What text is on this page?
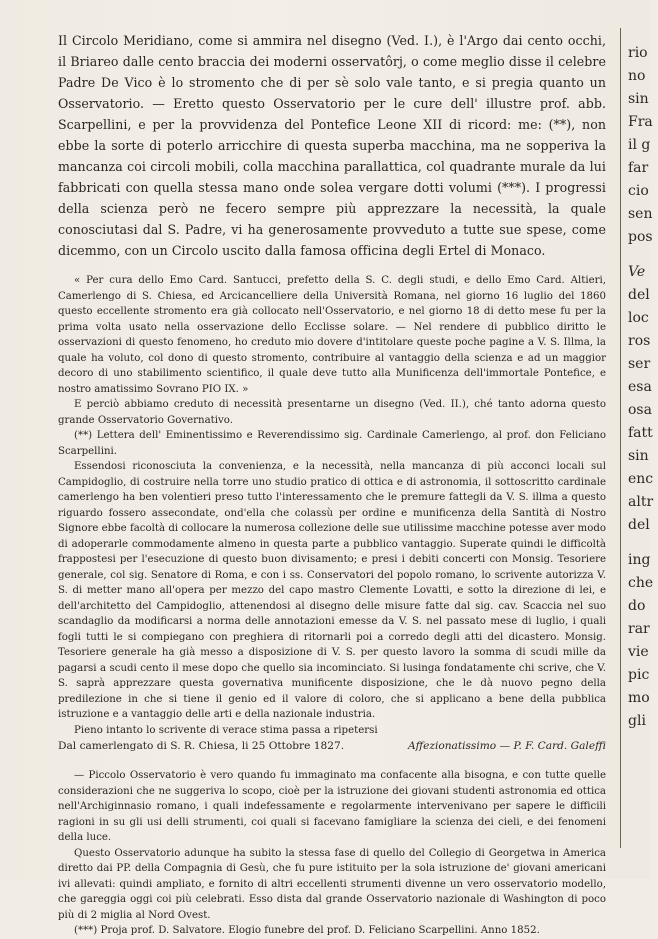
Il Circolo Meridiano, come si ammira nel disegno (Ved. I.), è l'Argo dai cento occhi, il Briareo dalle cento braccia dei moderni osservatôrj, o come meglio disse il celebre Padre De Vico è lo stromento che di per sè solo vale tanto, e si pregia quanto un Osservatorio. — Eretto questo Osservatorio per le cure dell' illustre prof. abb. Scarpellini, e per la provvidenza del Pontefice Leone XII di ricord: me: (**), non ebbe la sorte di poterlo arricchire di questa superba macchina, ma ne sopperiva la mancanza coi circoli mobili, colla macchina parallattica, col quadrante murale da lui fabbricati con quella stessa mano onde solea vergare dotti volumi (***). I progressi della scienza però ne fecero sempre più apprezzare la necessità, la quale conosciutasi dal S. Padre, vi ha generosamente provveduto a tutte sue spese, come dicemmo, con un Circolo uscito dalla famosa officina degli Ertel di Monaco.

« Per cura dello Emo Card. Santucci, prefetto della S. C. degli studi, e dello Emo Card. Altieri, Camerlengo di S. Chiesa, ed Arcicancelliere della Università Romana, nel giorno 16 luglio del 1860 questo eccellente stromento era già collocato nell'Osservatorio, e nel giorno 18 di detto mese fu per la prima volta usato nella osservazione dello Ecclisse solare. — Nel rendere di pubblico diritto le osservazioni di questo fenomeno, ho creduto mio dovere d'intitolare queste poche pagine a V. S. Illma, la quale ha voluto, col dono di questo stromento, contribuire al vantaggio della scienza e ad un maggior decoro di uno stabilimento scientifico, il quale deve tutto alla Munificenza dell'immortale Pontefice, e nostro amatissimo Sovrano PIO IX. »

E perciò abbiamo creduto di necessità presentarne un disegno (Ved. II.), ché tanto adorna questo grande Osservatorio Governativo.

(**) Lettera dell' Eminentissimo e Reverendissimo sig. Cardinale Camerlengo, al prof. don Feliciano Scarpellini.

Essendosi riconosciuta la convenienza, e la necessità, nella mancanza di più acconci locali sul Campidoglio, di costruire nella torre uno studio pratico di ottica e di astronomia, il sottoscritto cardinale camerlengo ha ben volentieri preso tutto l'interessamento che le premure fattegli da V. S. illma a questo riguardo fossero assecondate, ond'ella che colassù per ordine e munificenza della Santità di Nostro Signore ebbe facoltà di collocare la numerosa collezione delle sue utilissime macchine potesse aver modo di adoperarle commodamente almeno in questa parte a pubblico vantaggio. Superate quindi le difficoltà frappostesi per l'esecuzione di questo buon divisamento; e presi i debiti concerti con Monsig. Tesoriere generale, col sig. Senatore di Roma, e con i ss. Conservatori del popolo romano, lo scrivente autorizza V. S. di metter mano all'opera per mezzo del capo mastro Clemente Lovatti, e sotto la direzione di lei, e dell'architetto del Campidoglio, attenendosi al disegno delle misure fatte dal sig. cav. Scaccia nel suo scandaglio da modificarsi a norma delle annotazioni emesse da V. S. nel passato mese di luglio, i quali fogli tutti le si compiegano con preghiera di ritornarli poi a corredo degli atti del dicastero. Monsig. Tesoriere generale ha già messo a disposizione di V. S. per questo lavoro la somma di scudi mille da pagarsi a scudi cento il mese dopo che quello sia incominciato. Si lusinga fondatamente chi scrive, che V. S. saprà apprezzare questa governativa munificente disposizione, che le dà nuovo pegno della predilezione in che si tiene il genio ed il valore di coloro, che si applicano a bene della pubblica istruzione e a vantaggio delle arti e della nazionale industria.

Pieno intanto lo scrivente di verace stima passa a ripetersi

Dal camerlengato di S. R. Chiesa, li 25 Ottobre 1827.	Affezionatissimo — P. F. Card. Galeffi

— Piccolo Osservatorio è vero quando fu immaginato ma confacente alla bisogna, e con tutte quelle considerazioni che ne suggeriva lo scopo, cioè per la istruzione dei giovani studenti astronomia ed ottica nell'Archiginnasio romano, i quali indefessamente e regolarmente intervenivano per sapere le difficili ragioni in su gli usi delli strumenti, coi quali si facevano famigliare la scienza dei cieli, e dei fenomeni della luce.

Questo Osservatorio adunque ha subito la stessa fase di quello del Collegio di Georgetwa in America diretto dai PP. della Compagnia di Gesù, che fu pure istituito per la sola istruzione de' giovani americani ivi allevati: quindi ampliato, e fornito di altri eccellenti strumenti divenne un vero osservatorio modello, che gareggia oggi coi più celebrati. Esso dista dal grande Osservatorio nazionale di Washington di poco più di 2 miglia al Nord Ovest.

(***) Proja prof. D. Salvatore. Elogio funebre del prof. D. Feliciano Scarpellini. Anno 1852.

rio
no
sin
Fra
il g
far
cio
sen
pos
Ve
del
loc
ros
ser
esa
osa
fatt
sin
enc
altr
del
ing
che
do
rar
vie
pic
mo
gli
